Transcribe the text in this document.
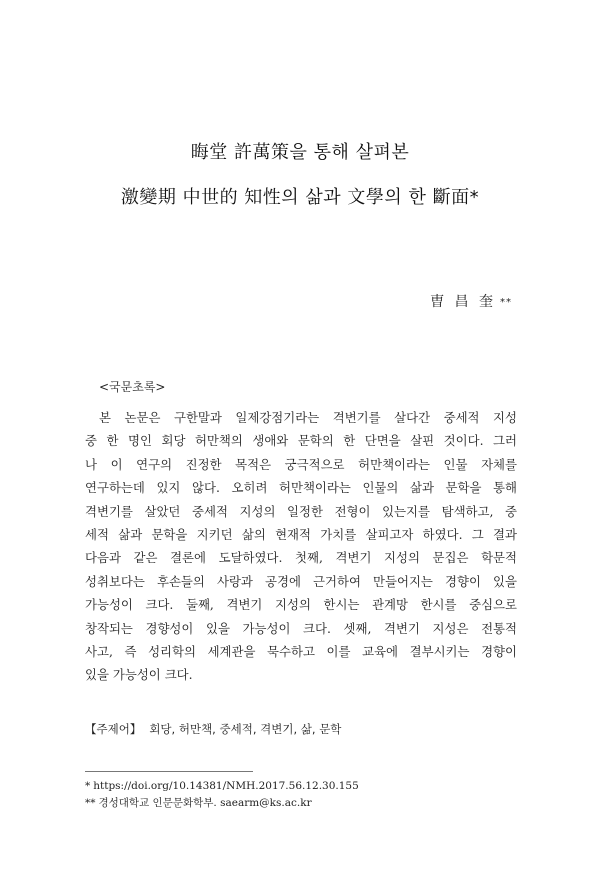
晦堂 許萬策을 통해 살펴본
激變期 中世的 知性의 삶과 文學의 한 斷面*
曺 昌 奎 **
<국문초록>
본 논문은 구한말과 일제강점기라는 격변기를 살다간 중세적 지성
중 한 명인 회당 허만책의 생애와 문학의 한 단면을 살핀 것이다. 그러
나 이 연구의 진정한 목적은 궁극적으로 허만책이라는 인물 자체를
연구하는데 있지 않다. 오히려 허만책이라는 인물의 삶과 문학을 통해
격변기를 살았던 중세적 지성의 일정한 전형이 있는지를 탐색하고, 중
세적 삶과 문학을 지키던 삶의 현재적 가치를 살피고자 하였다. 그 결과
다음과 같은 결론에 도달하였다. 첫째, 격변기 지성의 문집은 학문적
성취보다는 후손들의 사랑과 공경에 근거하여 만들어지는 경향이 있을
가능성이 크다. 둘째, 격변기 지성의 한시는 관계망 한시를 중심으로
창작되는 경향성이 있을 가능성이 크다. 셋째, 격변기 지성은 전통적
사고, 즉 성리학의 세계관을 묵수하고 이를 교육에 결부시키는 경향이
있을 가능성이 크다.
【주제어】 회당, 허만책, 중세적, 격변기, 삶, 문학
* https://doi.org/10.14381/NMH.2017.56.12.30.155
** 경성대학교 인문문화학부. saearm@ks.ac.kr
